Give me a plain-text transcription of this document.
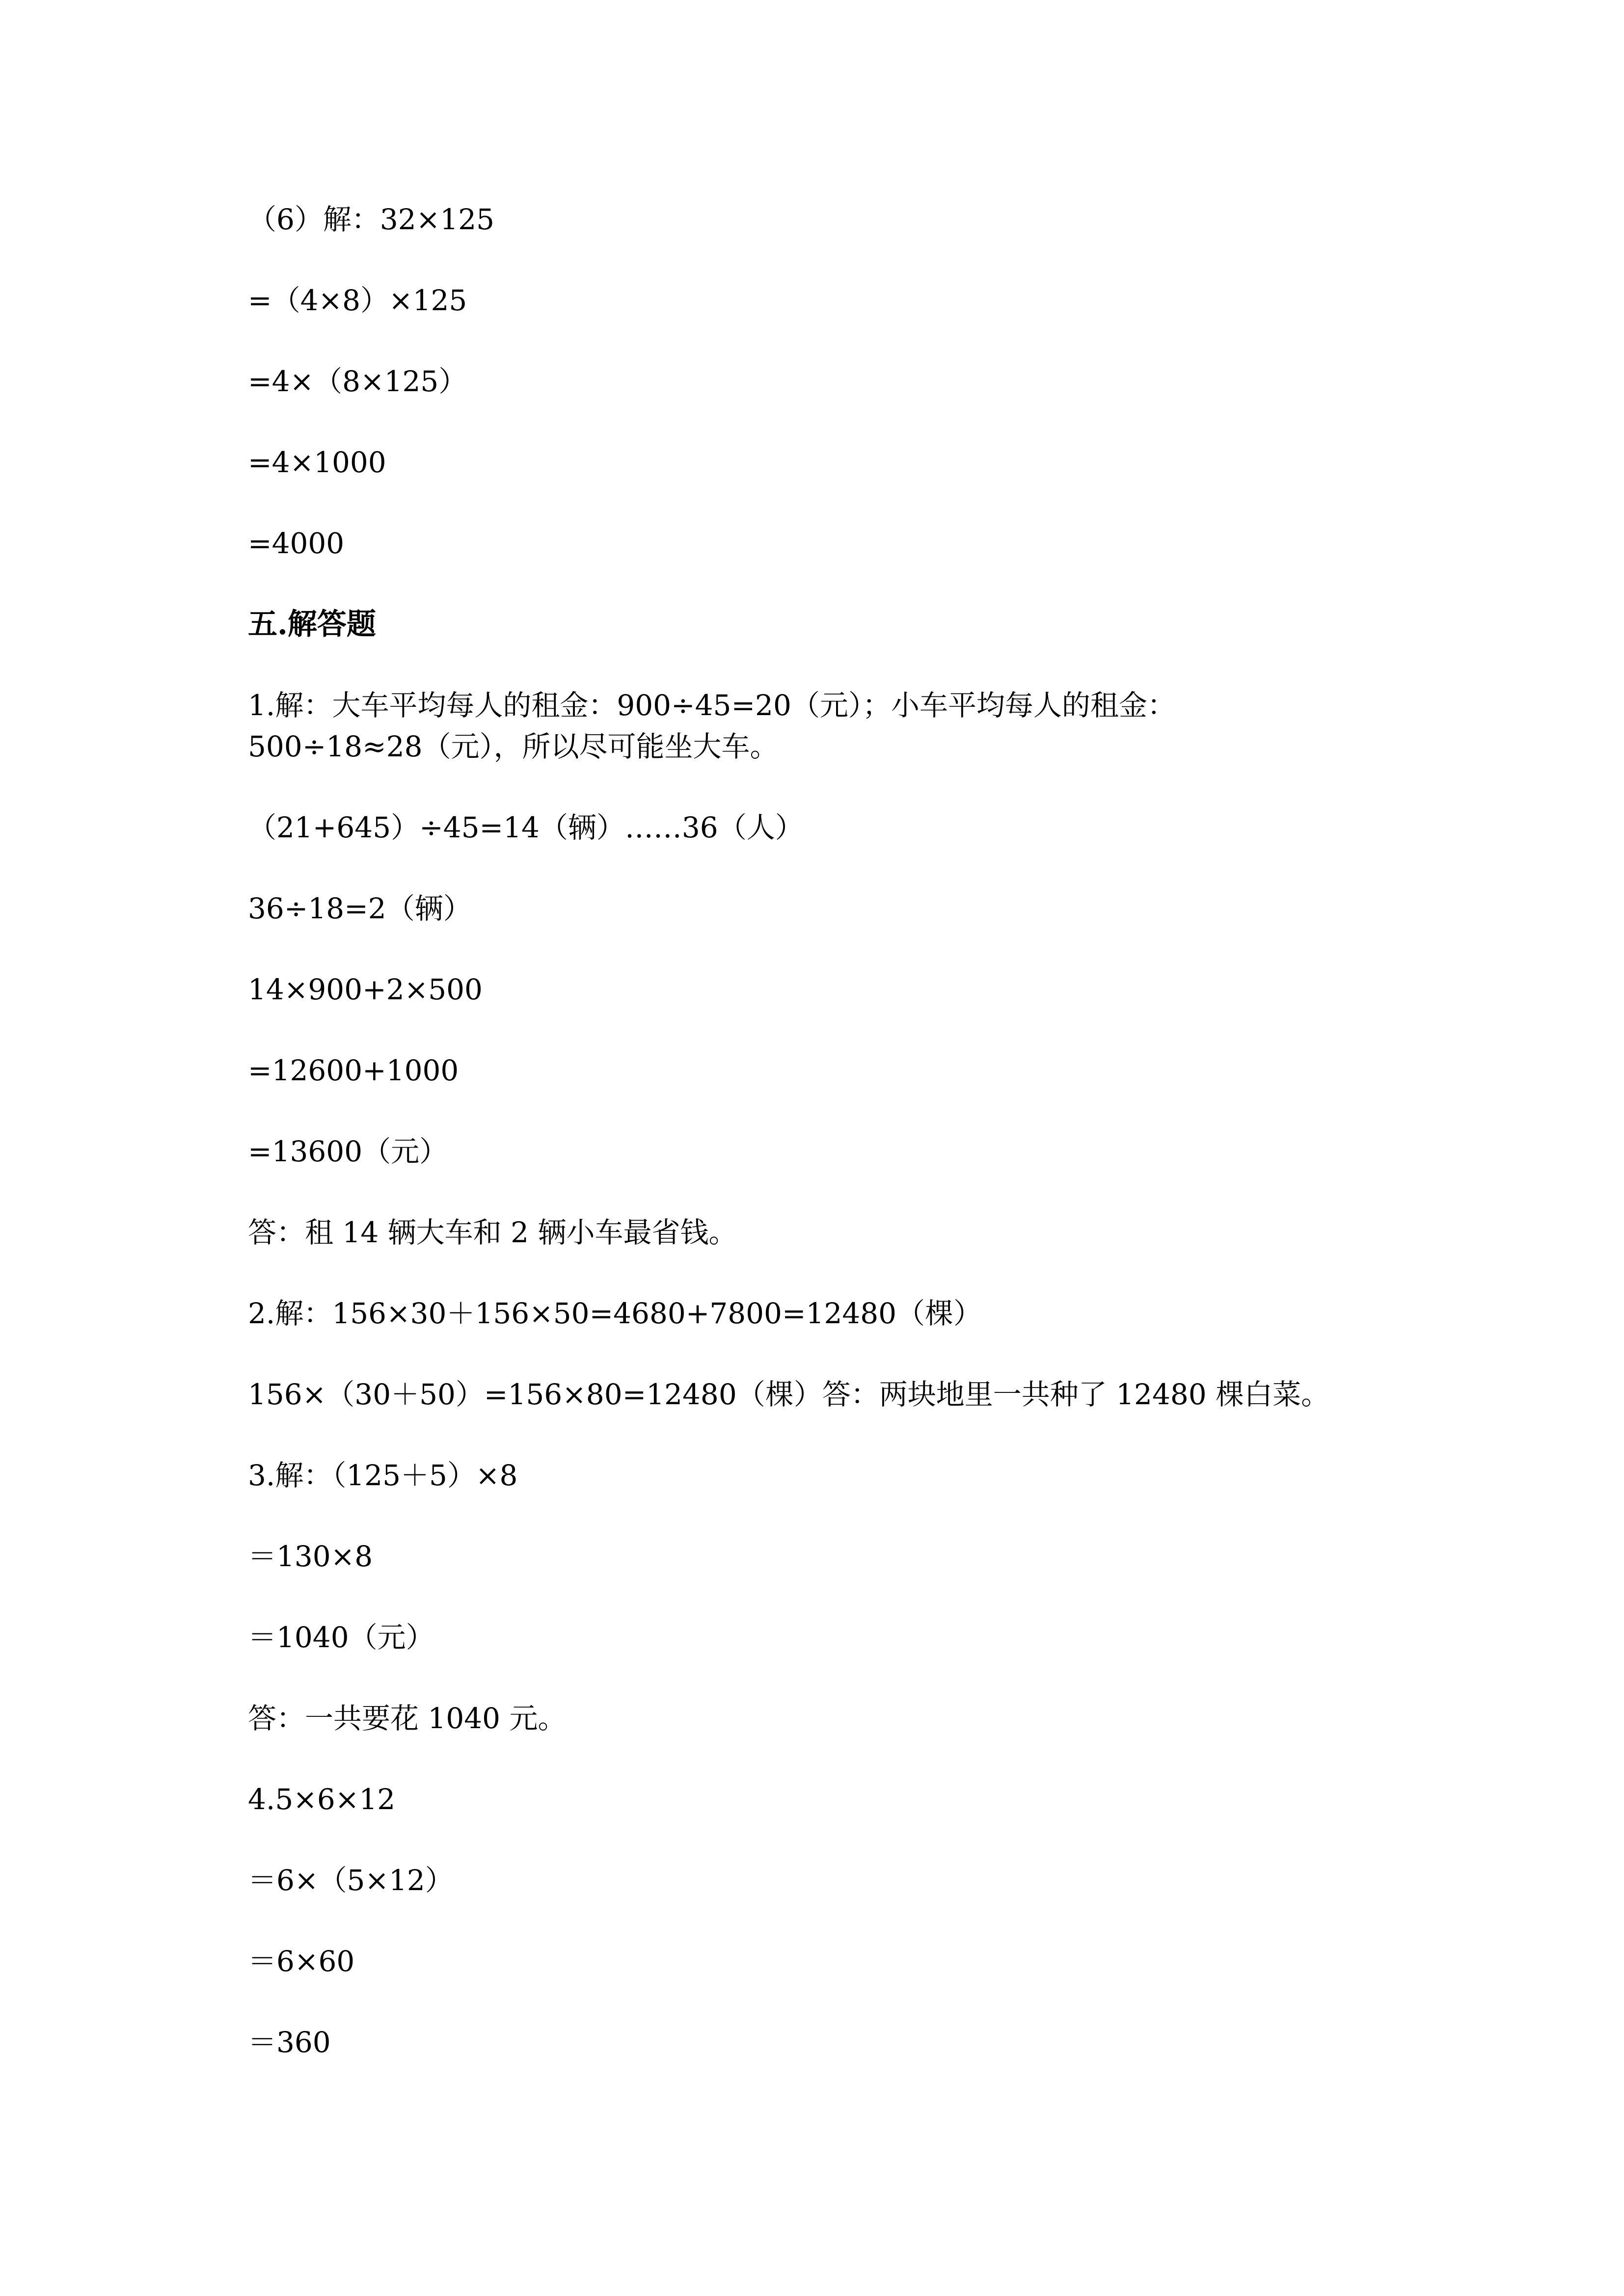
（6）解：32×125
=（4×8）×125
=4×（8×125）
=4×1000
=4000
五.解答题
1.解：大车平均每人的租金：900÷45=20（元）；小车平均每人的租金：
500÷18≈28（元），所以尽可能坐大车。
（21+645）÷45=14（辆）……36（人）
36÷18=2（辆）
14×900+2×500
=12600+1000
=13600（元）
答：租 14 辆大车和 2 辆小车最省钱。
2.解：156×30＋156×50=4680+7800=12480（棵）
156×（30＋50）=156×80=12480（棵）答：两块地里一共种了 12480 棵白菜。
3.解：（125＋5）×8
＝130×8
＝1040（元）
答：一共要花 1040 元。
4.5×6×12
＝6×（5×12）
＝6×60
＝360
